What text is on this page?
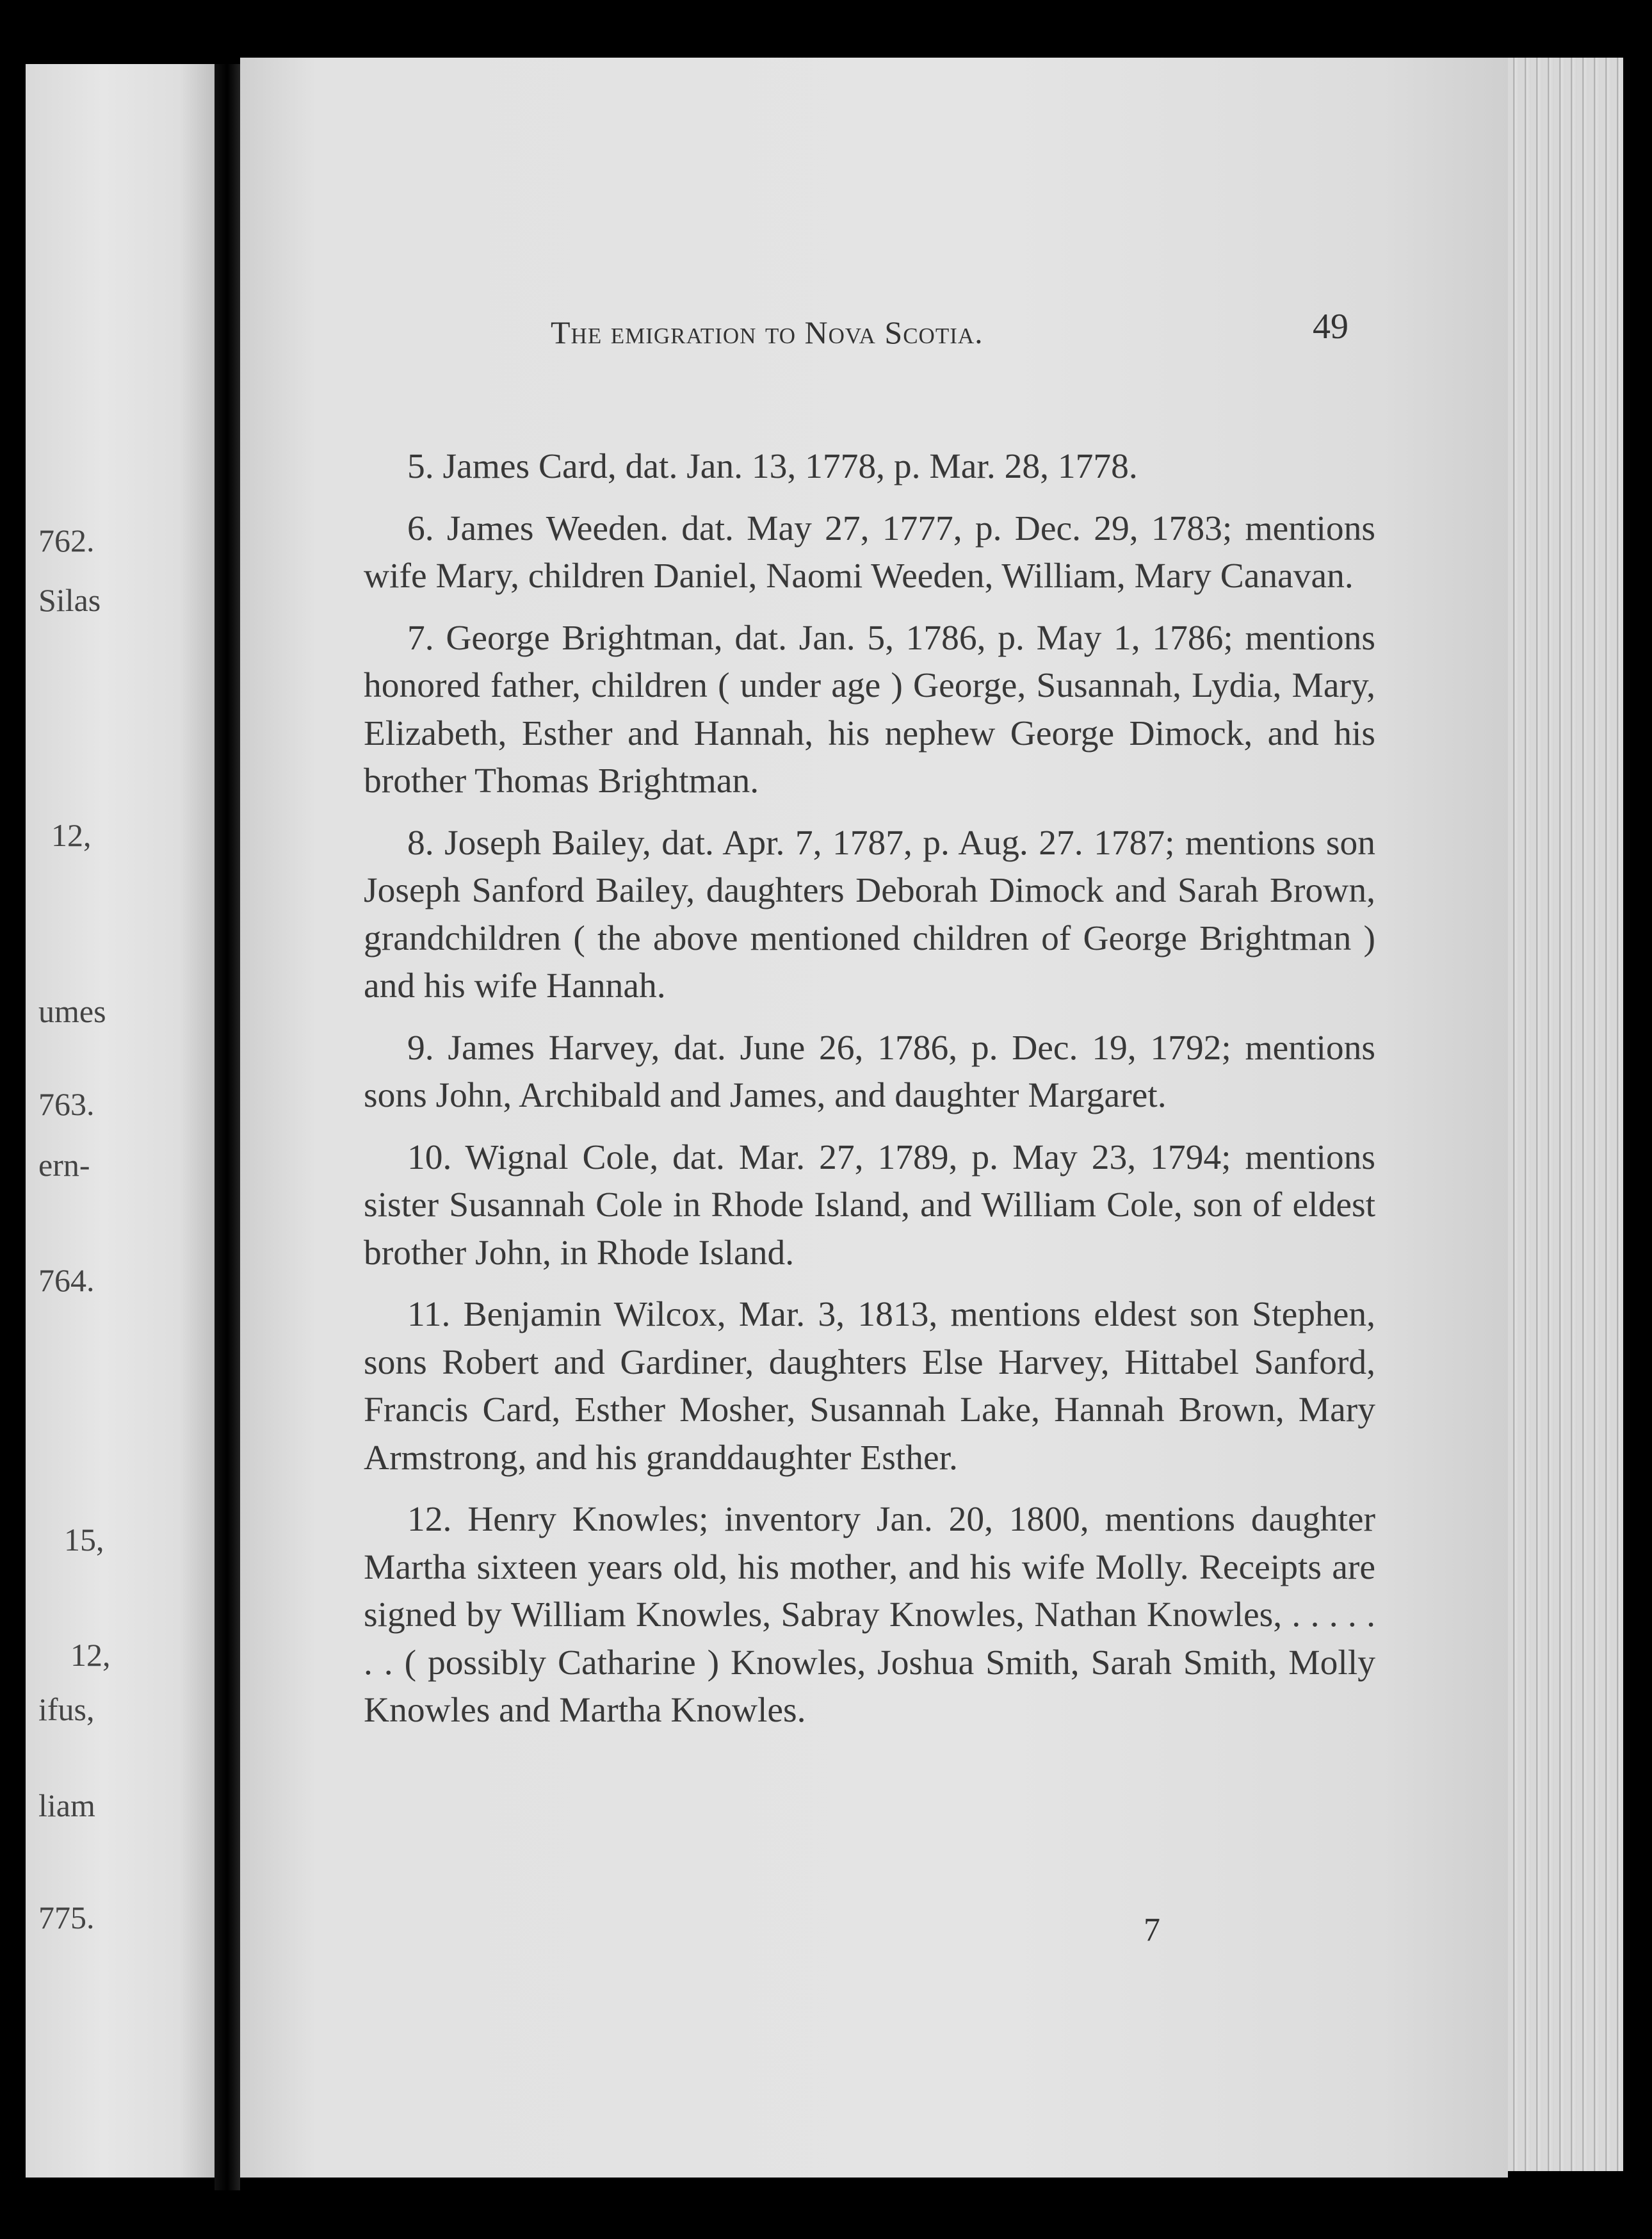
762.
Silas
12,
umes
763.
ern-
764.
15,
12,
ifus,
liam
775.
The emigration to Nova Scotia.	49

5. James Card, dat. Jan. 13, 1778, p. Mar. 28, 1778.

6. James Weeden. dat. May 27, 1777, p. Dec. 29, 1783; mentions wife Mary, children Daniel, Naomi Weeden, William, Mary Canavan.

7. George Brightman, dat. Jan. 5, 1786, p. May 1, 1786; mentions honored father, children ( under age ) George, Susannah, Lydia, Mary, Elizabeth, Esther and Hannah, his nephew George Dimock, and his brother Thomas Brightman.

8. Joseph Bailey, dat. Apr. 7, 1787, p. Aug. 27. 1787; mentions son Joseph Sanford Bailey, daughters Deborah Dimock and Sarah Brown, grandchildren ( the above mentioned children of George Brightman ) and his wife Hannah.

9. James Harvey, dat. June 26, 1786, p. Dec. 19, 1792; mentions sons John, Archibald and James, and daughter Margaret.

10. Wignal Cole, dat. Mar. 27, 1789, p. May 23, 1794; mentions sister Susannah Cole in Rhode Island, and William Cole, son of eldest brother John, in Rhode Island.

11. Benjamin Wilcox, Mar. 3, 1813, mentions eldest son Stephen, sons Robert and Gardiner, daughters Else Harvey, Hittabel Sanford, Francis Card, Esther Mosher, Susannah Lake, Hannah Brown, Mary Armstrong, and his granddaughter Esther.

12. Henry Knowles; inventory Jan. 20, 1800, mentions daughter Martha sixteen years old, his mother, and his wife Molly. Receipts are signed by William Knowles, Sabray Knowles, Nathan Knowles, . . . . . . . ( possibly Catharine ) Knowles, Joshua Smith, Sarah Smith, Molly Knowles and Martha Knowles.

7
